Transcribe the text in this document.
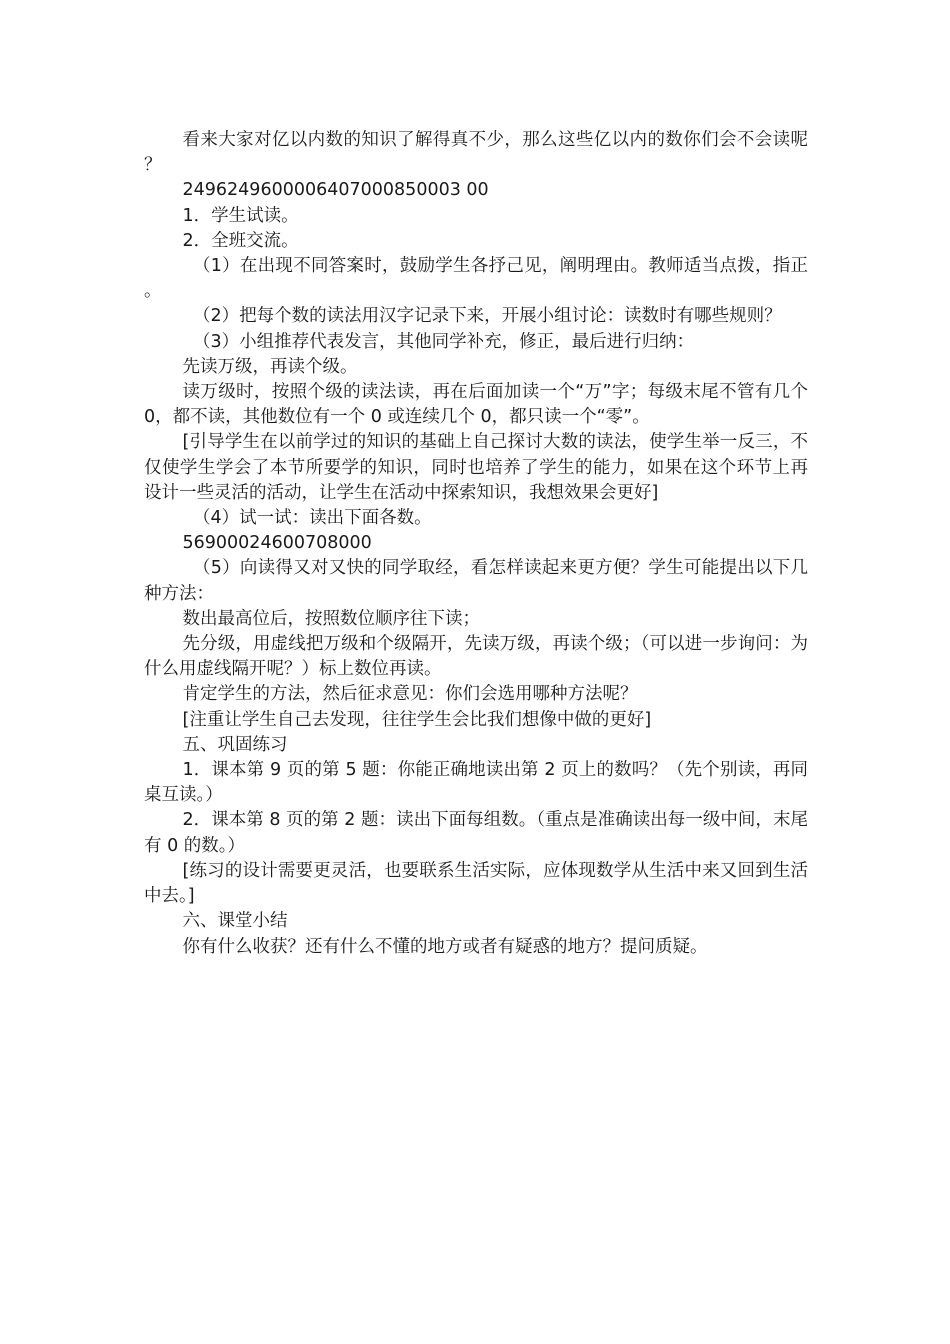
看来大家对亿以内数的知识了解得真不少，那么这些亿以内的数你们会不会读呢？

2496249600006407000850003 00

1．学生试读。

2．全班交流。

（1）在出现不同答案时，鼓励学生各抒己见，阐明理由。教师适当点拨，指正。

（2）把每个数的读法用汉字记录下来，开展小组讨论：读数时有哪些规则？

（3）小组推荐代表发言，其他同学补充，修正，最后进行归纳：

先读万级，再读个级。

读万级时，按照个级的读法读，再在后面加读一个“万”字；每级末尾不管有几个 0，都不读，其他数位有一个 0 或连续几个 0，都只读一个“零”。

[引导学生在以前学过的知识的基础上自己探讨大数的读法，使学生举一反三，不仅使学生学会了本节所要学的知识，同时也培养了学生的能力，如果在这个环节上再设计一些灵活的活动，让学生在活动中探索知识，我想效果会更好]

（4）试一试：读出下面各数。

56900024600708000

（5）向读得又对又快的同学取经，看怎样读起来更方便？学生可能提出以下几种方法：

数出最高位后，按照数位顺序往下读；

先分级，用虚线把万级和个级隔开，先读万级，再读个级；（可以进一步询问：为什么用虚线隔开呢？）标上数位再读。

肯定学生的方法，然后征求意见：你们会选用哪种方法呢？

[注重让学生自己去发现，往往学生会比我们想像中做的更好]

五、巩固练习

1．课本第 9 页的第 5 题：你能正确地读出第 2 页上的数吗？（先个别读，再同桌互读。）

2．课本第 8 页的第 2 题：读出下面每组数。（重点是准确读出每一级中间，末尾有 0 的数。）

[练习的设计需要更灵活，也要联系生活实际，应体现数学从生活中来又回到生活中去。]

六、课堂小结

你有什么收获？还有什么不懂的地方或者有疑惑的地方？提问质疑。
